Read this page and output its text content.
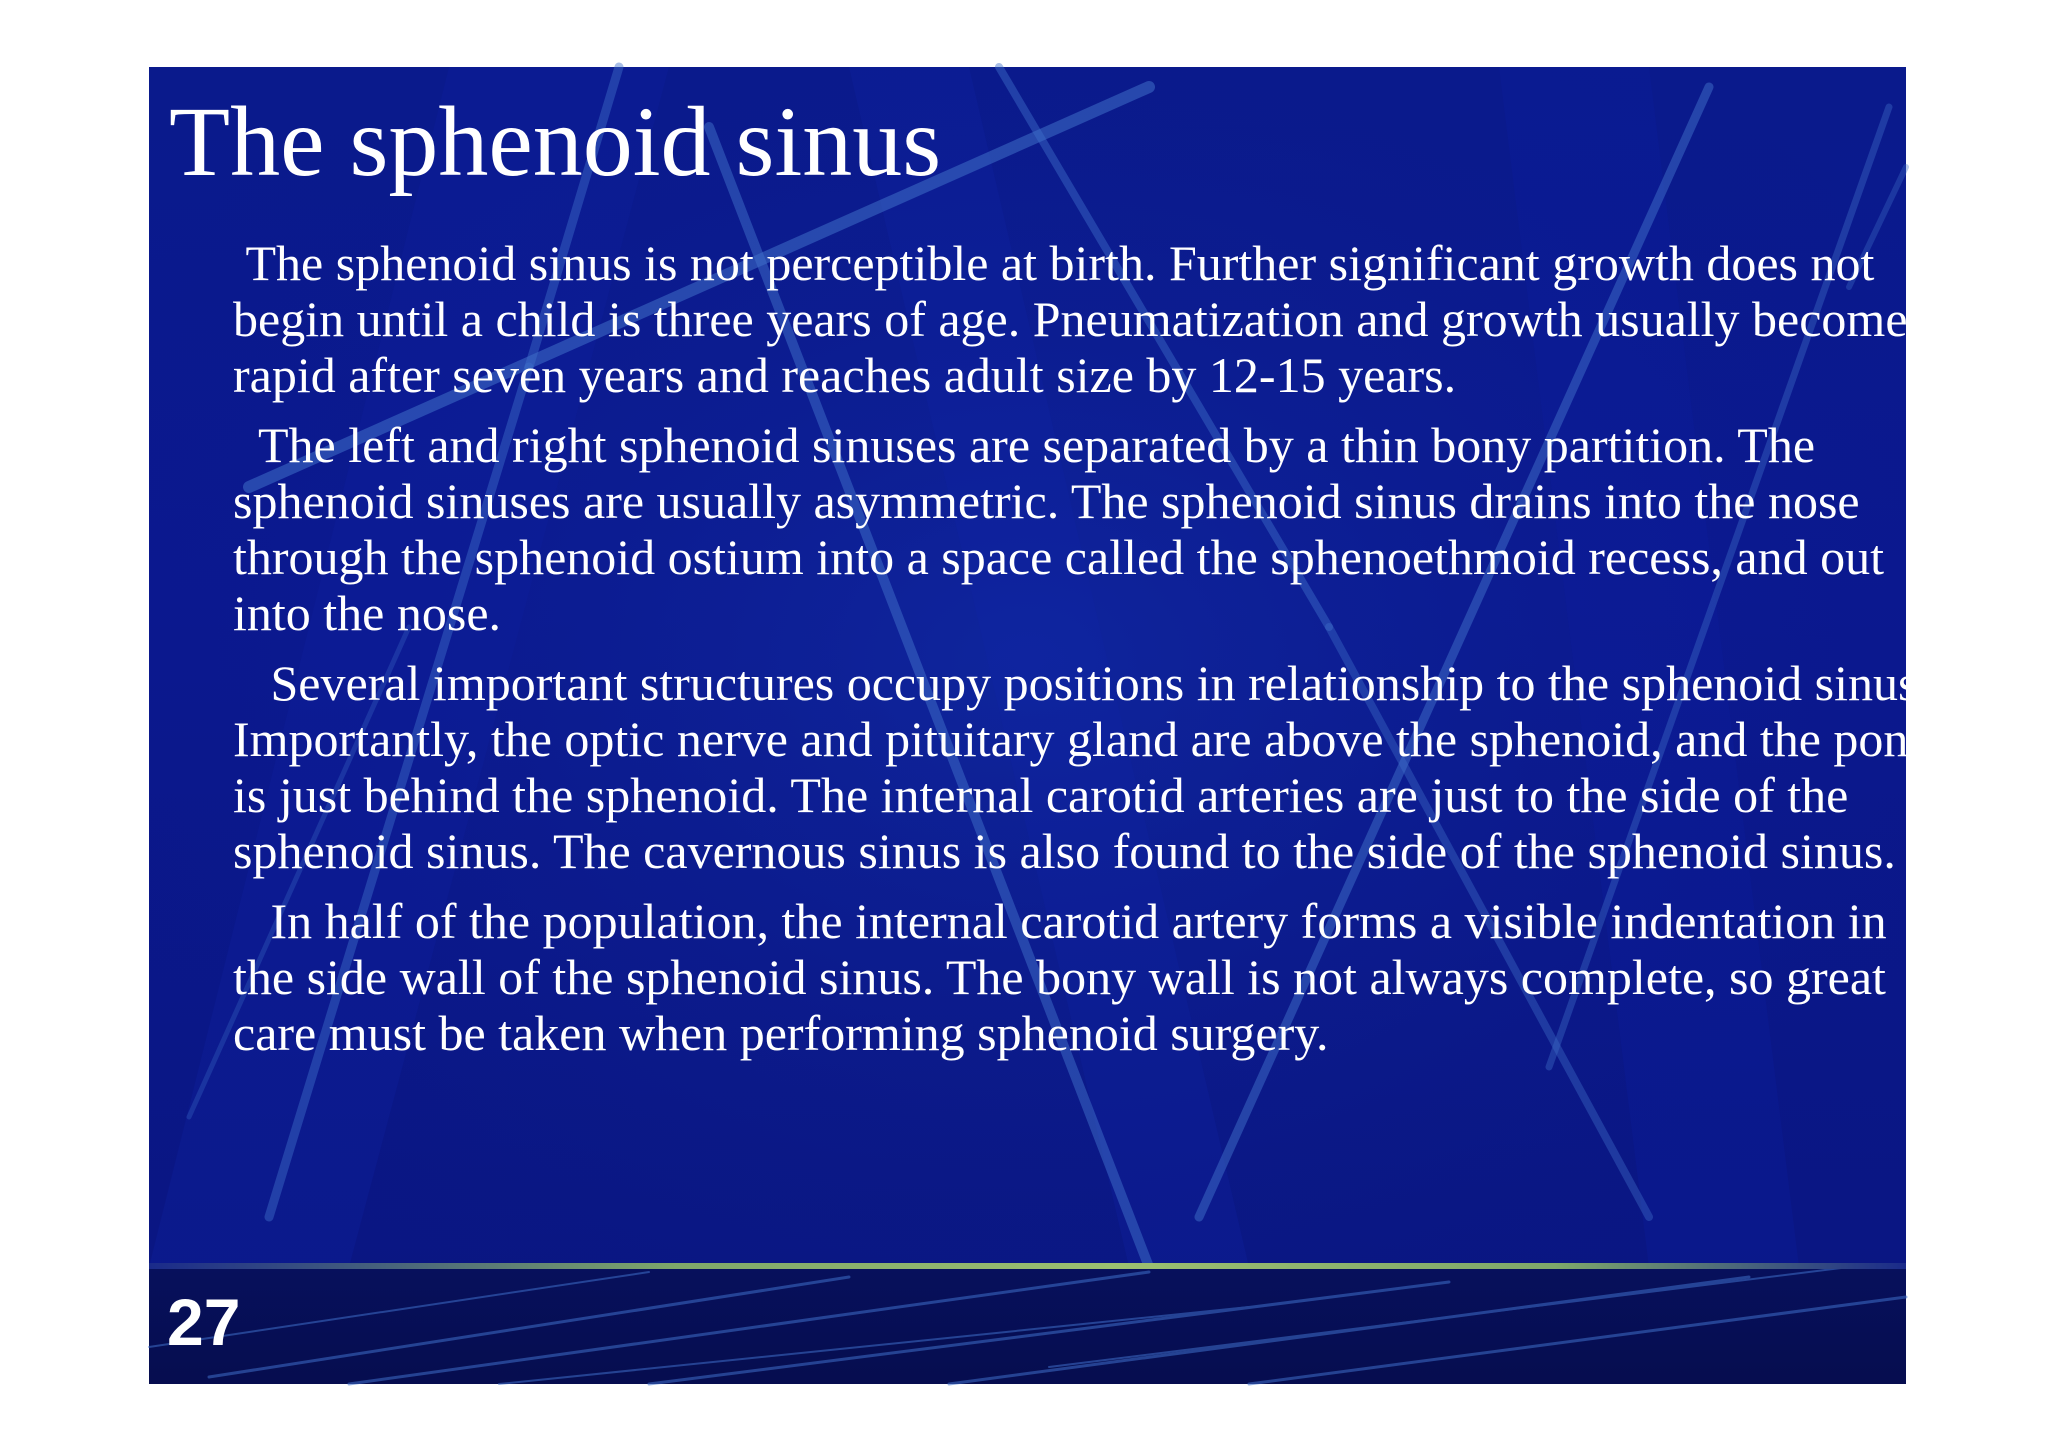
The sphenoid sinus

The sphenoid sinus is not perceptible at birth. Further significant growth does not begin until a child is three years of age. Pneumatization and growth usually becomes rapid after seven years and reaches adult size by 12-15 years.

The left and right sphenoid sinuses are separated by a thin bony partition. The sphenoid sinuses are usually asymmetric. The sphenoid sinus drains into the nose through the sphenoid ostium into a space called the sphenoethmoid recess, and out into the nose.

Several important structures occupy positions in relationship to the sphenoid sinus. Importantly, the optic nerve and pituitary gland are above the sphenoid, and the pons is just behind the sphenoid. The internal carotid arteries are just to the side of the sphenoid sinus. The cavernous sinus is also found to the side of the sphenoid sinus.

In half of the population, the internal carotid artery forms a visible indentation in the side wall of the sphenoid sinus. The bony wall is not always complete, so great care must be taken when performing sphenoid surgery.

27
